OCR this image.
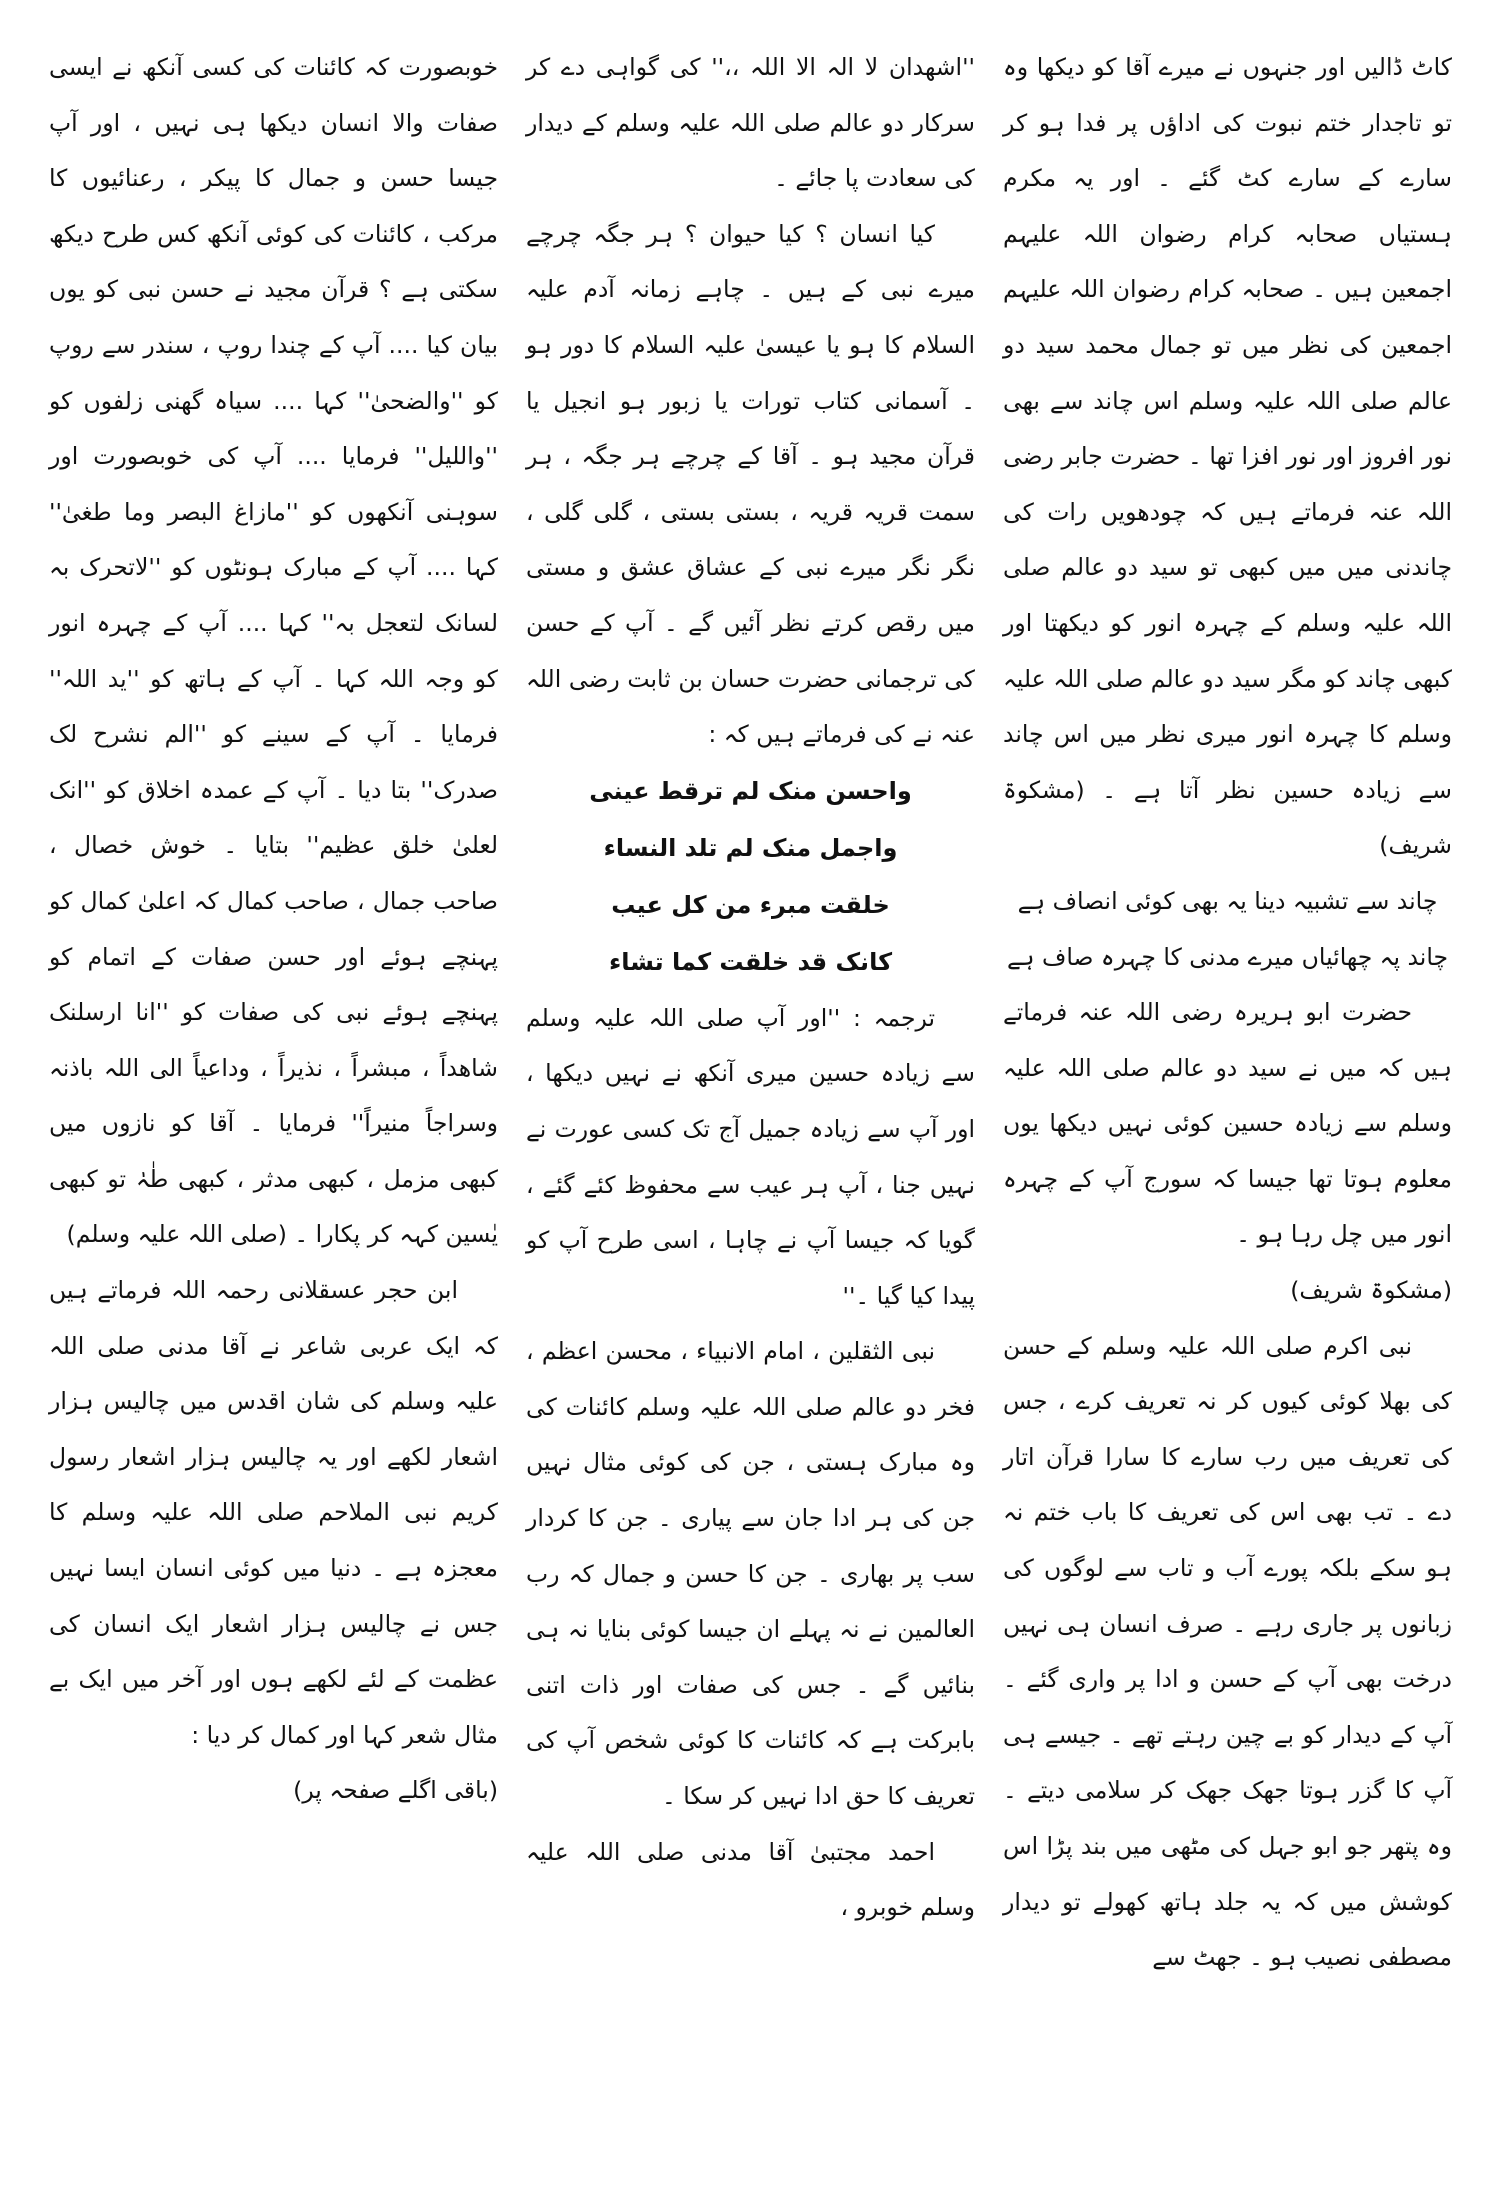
کاٹ ڈالیں اور جنہوں نے میرے آقا کو دیکھا وہ تو تاجدار ختم نبوت کی اداؤں پر فدا ہو کر سارے کے سارے کٹ گئے ۔ اور یہ مکرم ہستیاں صحابہ کرام رضوان اللہ علیہم اجمعین ہیں ۔ صحابہ کرام رضوان اللہ علیہم اجمعین کی نظر میں تو جمال محمد سید دو عالم صلی اللہ علیہ وسلم اس چاند سے بھی نور افروز اور نور افزا تھا ۔ حضرت جابر رضی اللہ عنہ فرماتے ہیں کہ چودھویں رات کی چاندنی میں میں کبھی تو سید دو عالم صلی اللہ علیہ وسلم کے چہرہ انور کو دیکھتا اور کبھی چاند کو مگر سید دو عالم صلی اللہ علیہ وسلم کا چہرہ انور میری نظر میں اس چاند سے زیادہ حسین نظر آتا ہے ۔ (مشکوۃ شریف)

چاند سے تشبیہ دینا یہ بھی کوئی انصاف ہے

چاند پہ چھائیاں میرے مدنی کا چہرہ صاف ہے

حضرت ابو ہریرہ رضی اللہ عنہ فرماتے ہیں کہ میں نے سید دو عالم صلی اللہ علیہ وسلم سے زیادہ حسین کوئی نہیں دیکھا یوں معلوم ہوتا تھا جیسا کہ سورج آپ کے چہرہ انور میں چل رہا ہو ۔

(مشکوۃ شریف)

نبی اکرم صلی اللہ علیہ وسلم کے حسن کی بھلا کوئی کیوں کر نہ تعریف کرے ، جس کی تعریف میں رب سارے کا سارا قرآن اتار دے ۔ تب بھی اس کی تعریف کا باب ختم نہ ہو سکے بلکہ پورے آب و تاب سے لوگوں کی زبانوں پر جاری رہے ۔ صرف انسان ہی نہیں درخت بھی آپ کے حسن و ادا پر واری گئے ۔ آپ کے دیدار کو بے چین رہتے تھے ۔ جیسے ہی آپ کا گزر ہوتا جھک جھک کر سلامی دیتے ۔ وہ پتھر جو ابو جہل کی مٹھی میں بند پڑا اس کوشش میں کہ یہ جلد ہاتھ کھولے تو دیدار مصطفی نصیب ہو ۔ جھٹ سے

''اشھدان لا الہ الا اللہ ،،'' کی گواہی دے کر سرکار دو عالم صلی اللہ علیہ وسلم کے دیدار کی سعادت پا جائے ۔

کیا انسان ؟ کیا حیوان ؟ ہر جگہ چرچے میرے نبی کے ہیں ۔ چاہے زمانہ آدم علیہ السلام کا ہو یا عیسیٰ علیہ السلام کا دور ہو ۔ آسمانی کتاب تورات یا زبور ہو انجیل یا قرآن مجید ہو ۔ آقا کے چرچے ہر جگہ ، ہر سمت قریہ قریہ ، بستی بستی ، گلی گلی ، نگر نگر میرے نبی کے عشاق عشق و مستی میں رقص کرتے نظر آئیں گے ۔ آپ کے حسن کی ترجمانی حضرت حسان بن ثابت رضی اللہ عنہ نے کی فرماتے ہیں کہ :

واحسن منک لم ترقط عینی

واجمل منک لم تلد النساء

خلقت مبرء من کل عیب

کانک قد خلقت کما تشاء

ترجمہ : ''اور آپ صلی اللہ علیہ وسلم سے زیادہ حسین میری آنکھ نے نہیں دیکھا ، اور آپ سے زیادہ جمیل آج تک کسی عورت نے نہیں جنا ، آپ ہر عیب سے محفوظ کئے گئے ، گویا کہ جیسا آپ نے چاہا ، اسی طرح آپ کو پیدا کیا گیا ۔''

نبی الثقلین ، امام الانبیاء ، محسن اعظم ، فخر دو عالم صلی اللہ علیہ وسلم کائنات کی وہ مبارک ہستی ، جن کی کوئی مثال نہیں جن کی ہر ادا جان سے پیاری ۔ جن کا کردار سب پر بھاری ۔ جن کا حسن و جمال کہ رب العالمین نے نہ پہلے ان جیسا کوئی بنایا نہ ہی بنائیں گے ۔ جس کی صفات اور ذات اتنی بابرکت ہے کہ کائنات کا کوئی شخص آپ کی تعریف کا حق ادا نہیں کر سکا ۔

احمد مجتبیٰ آقا مدنی صلی اللہ علیہ وسلم خوبرو ،

خوبصورت کہ کائنات کی کسی آنکھ نے ایسی صفات والا انسان دیکھا ہی نہیں ، اور آپ جیسا حسن و جمال کا پیکر ، رعنائیوں کا مرکب ، کائنات کی کوئی آنکھ کس طرح دیکھ سکتی ہے ؟ قرآن مجید نے حسن نبی کو یوں بیان کیا .... آپ کے چندا روپ ، سندر سے روپ کو ''والضحیٰ'' کہا .... سیاہ گھنی زلفوں کو ''واللیل'' فرمایا .... آپ کی خوبصورت اور سوہنی آنکھوں کو ''مازاغ البصر وما طغیٰ'' کہا .... آپ کے مبارک ہونٹوں کو ''لاتحرک بہ لسانک لتعجل بہ'' کہا .... آپ کے چہرہ انور کو وجہ اللہ کہا ۔ آپ کے ہاتھ کو ''ید اللہ'' فرمایا ۔ آپ کے سینے کو ''الم نشرح لک صدرک'' بتا دیا ۔ آپ کے عمدہ اخلاق کو ''انک لعلیٰ خلق عظیم'' بتایا ۔ خوش خصال ، صاحب جمال ، صاحب کمال کہ اعلیٰ کمال کو پہنچے ہوئے اور حسن صفات کے اتمام کو پہنچے ہوئے نبی کی صفات کو ''انا ارسلنک شاھداً ، مبشراً ، نذیراً ، وداعیاً الی اللہ باذنہ وسراجاً منیراً'' فرمایا ۔ آقا کو نازوں میں کبھی مزمل ، کبھی مدثر ، کبھی طٰہٰ تو کبھی یٰسین کہہ کر پکارا ۔ (صلی اللہ علیہ وسلم)

ابن حجر عسقلانی رحمہ اللہ فرماتے ہیں کہ ایک عربی شاعر نے آقا مدنی صلی اللہ علیہ وسلم کی شان اقدس میں چالیس ہزار اشعار لکھے اور یہ چالیس ہزار اشعار رسول کریم نبی الملاحم صلی اللہ علیہ وسلم کا معجزہ ہے ۔ دنیا میں کوئی انسان ایسا نہیں جس نے چالیس ہزار اشعار ایک انسان کی عظمت کے لئے لکھے ہوں اور آخر میں ایک بے مثال شعر کہا اور کمال کر دیا :

(باقی اگلے صفحہ پر)
